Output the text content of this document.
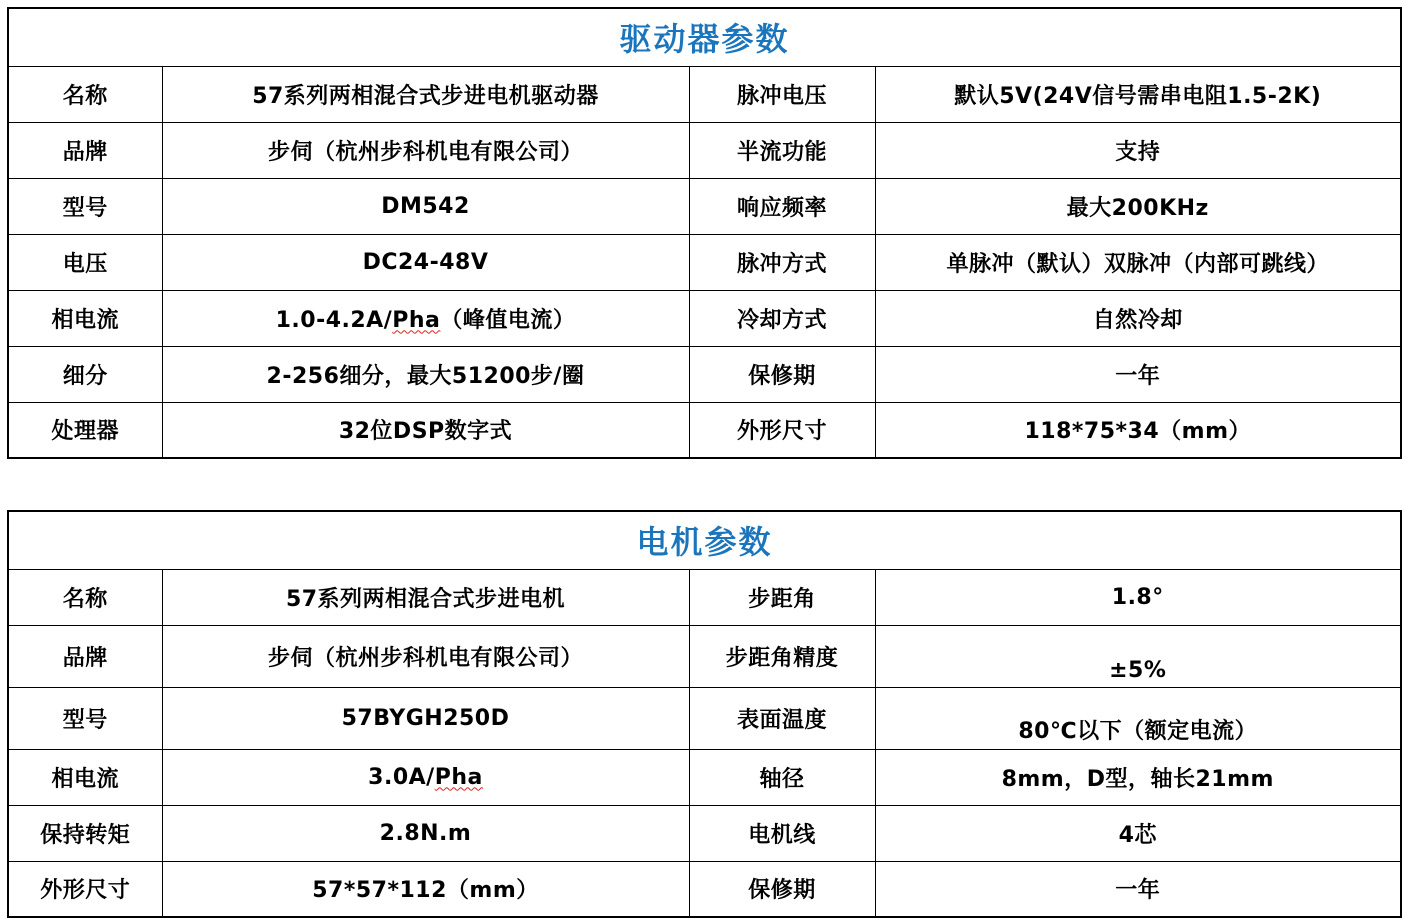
驱动器参数			
名称	57系列两相混合式步进电机驱动器	脉冲电压	默认5V(24V信号需串电阻1.5-2K)
品牌	步伺（杭州步科机电有限公司）	半流功能	支持
型号	DM542	响应频率	最大200KHz
电压	DC24-48V	脉冲方式	单脉冲（默认）双脉冲（内部可跳线）
相电流	1.0-4.2A/Pha（峰值电流）	冷却方式	自然冷却
细分	2-256细分，最大51200步/圈	保修期	一年
处理器	32位DSP数字式	外形尺寸	118*75*34（mm）
电机参数			
名称	57系列两相混合式步进电机	步距角	1.8°
品牌	步伺（杭州步科机电有限公司）	步距角精度	±5%
型号	57BYGH250D	表面温度	80℃以下（额定电流）
相电流	3.0A/Pha	轴径	8mm，D型，轴长21mm
保持转矩	2.8N.m	电机线	4芯
外形尺寸	57*57*112（mm）	保修期	一年
